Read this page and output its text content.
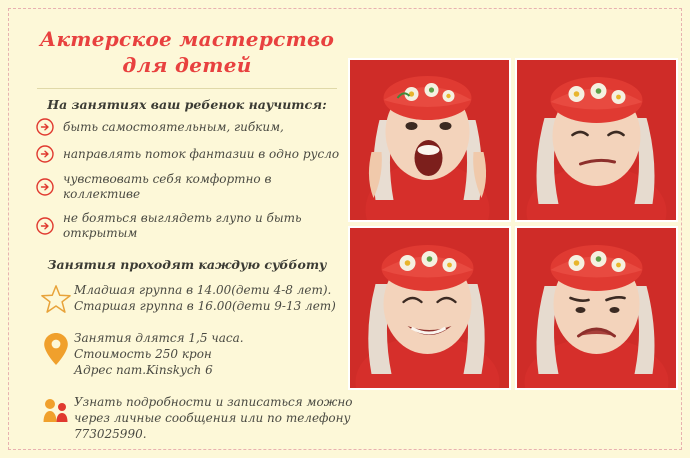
Актерское мастерство
для детей
На занятиях ваш ребенок научится:
быть самостоятельным, гибким,
направлять поток фантазии в одно русло
чувствовать себя комфортно в коллективе
не бояться выглядеть глупо и быть открытым
Занятия проходят каждую субботу
Младшая группа в 14.00(дети 4-8 лет).
Старшая группа в 16.00(дети 9-13 лет)
Занятия длятся 1,5 часа.
Стоимость 250 крон
Адрес nam.Kinskych 6
Узнать подробности и записаться можно
через личные сообщения или по телефону
773025990.
